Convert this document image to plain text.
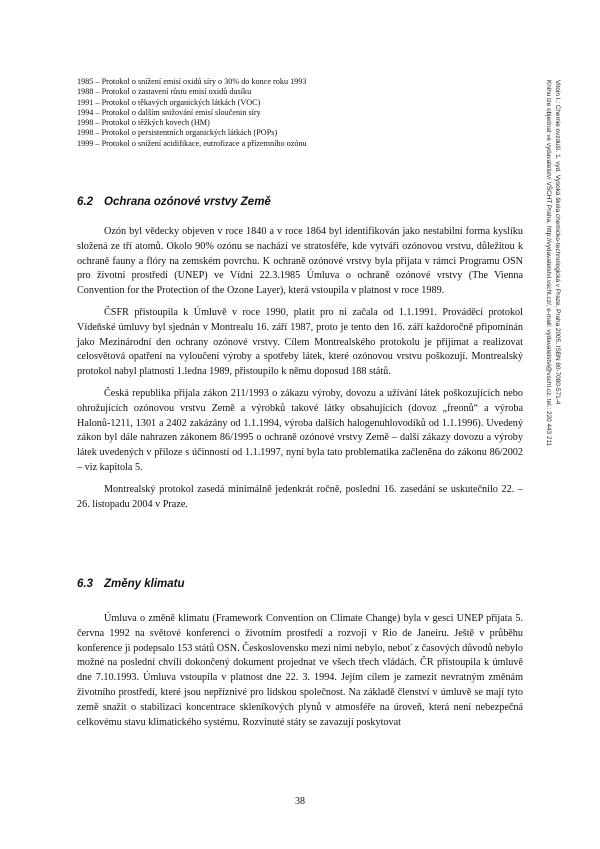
1985 – Protokol o snížení emisí oxidů síry o 30% do konce roku 1993
1988 – Protokol o zastavení růstu emisí oxidů dusíku
1991 – Protokol o těkavých organických látkách (VOC)
1994 – Protokol o dalším snižování emisí sloučenin síry
1998 – Protokol o těžkých kovech (HM)
1998 – Protokol o persistentních organických látkách (POPs)
1999 – Protokol o snížení acidifikace, eutrofizace a přízemního ozónu	Vitoin I.: Chemie ovzduší. 1. vyd. Vysoká škola chemicko-technologická v Praze, Praha 2005. ISBN 80-7080-571-4
Knihu lze objednat ve vydavatelství VŠCHT Praha, http://vydavatelstvi.vscht.cz/, e-mail: vydavatelstvi@vscht.cz, tel.: 220 443 211
6.2 Ochrana ozónové vrstvy Země

Ozón byl vědecky objeven v roce 1840 a v roce 1864 byl identifikován jako nestabilní forma kyslíku složená ze tří atomů. Okolo 90% ozónu se nachází ve stratosféře, kde vytváří ozónovou vrstvu, důležitou k ochraně fauny a flóry na zemském povrchu. K ochraně ozónové vrstvy byla přijata v rámci Programu OSN pro životní prostředí (UNEP) ve Vídni 22.3.1985 Úmluva o ochraně ozónové vrstvy (The Vienna Convention for the Protection of the Ozone Layer), která vstoupila v platnost v roce 1989.

ČSFR přistoupila k Úmluvě v roce 1990, platit pro ni začala od 1.1.1991. Prováděcí protokol Vídeňské úmluvy byl sjednán v Montrealu 16. září 1987, proto je tento den 16. září každoročně připomínán jako Mezinárodní den ochrany ozónové vrstvy. Cílem Montrealského protokolu je přijímat a realizovat celosvětová opatření na vyloučení výroby a spotřeby látek, které ozónovou vrstvu poškozují. Montrealský protokol nabyl platnosti 1.ledna 1989, přistoupilo k němu doposud 188 států.

Česká republika přijala zákon 211/1993 o zákazu výroby, dovozu a užívání látek poškozujících nebo ohrožujících ozónovou vrstvu Země a výrobků takové látky obsahujících (dovoz „freonů“ a výroba Halonů-1211, 1301 a 2402 zakázány od 1.1.1994, výroba dalších halogenuhlovodíků od 1.1.1996). Uvedený zákon byl dále nahrazen zákonem 86/1995 o ochraně ozónové vrstvy Země – další zákazy dovozu a výroby látek uvedených v příloze s účinností od 1.1.1997, nyní byla tato problematika začleněna do zákonu 86/2002 – viz kapitola 5.

Montrealský protokol zasedá minimálně jedenkrát ročně, poslední 16. zasedání se uskutečnilo 22. – 26. listopadu 2004 v Praze.

6.3 Změny klimatu

Úmluva o změně klimatu (Framework Convention on Climate Change) byla v gesci UNEP přijata 5. června 1992 na světové konferenci o životním prostředí a rozvoji v Rio de Janeiru. Ještě v průběhu konference ji podepsalo 153 států OSN. Československo mezi nimi nebylo, neboť z časových důvodů nebylo možné na poslední chvíli dokončený dokument projednat ve všech třech vládách. ČR přistoupila k úmluvě dne 7.10.1993. Úmluva vstoupila v platnost dne 22. 3. 1994. Jejím cílem je zamezit nevratným změnám životního prostředí, které jsou nepříznivé pro lidskou společnost. Na základě členství v úmluvě se mají tyto země snažit o stabilizaci koncentrace skleníkových plynů v atmosféře na úroveň, která není nebezpečná celkovému stavu klimatického systému. Rozvinuté státy se zavazují poskytovat

38
